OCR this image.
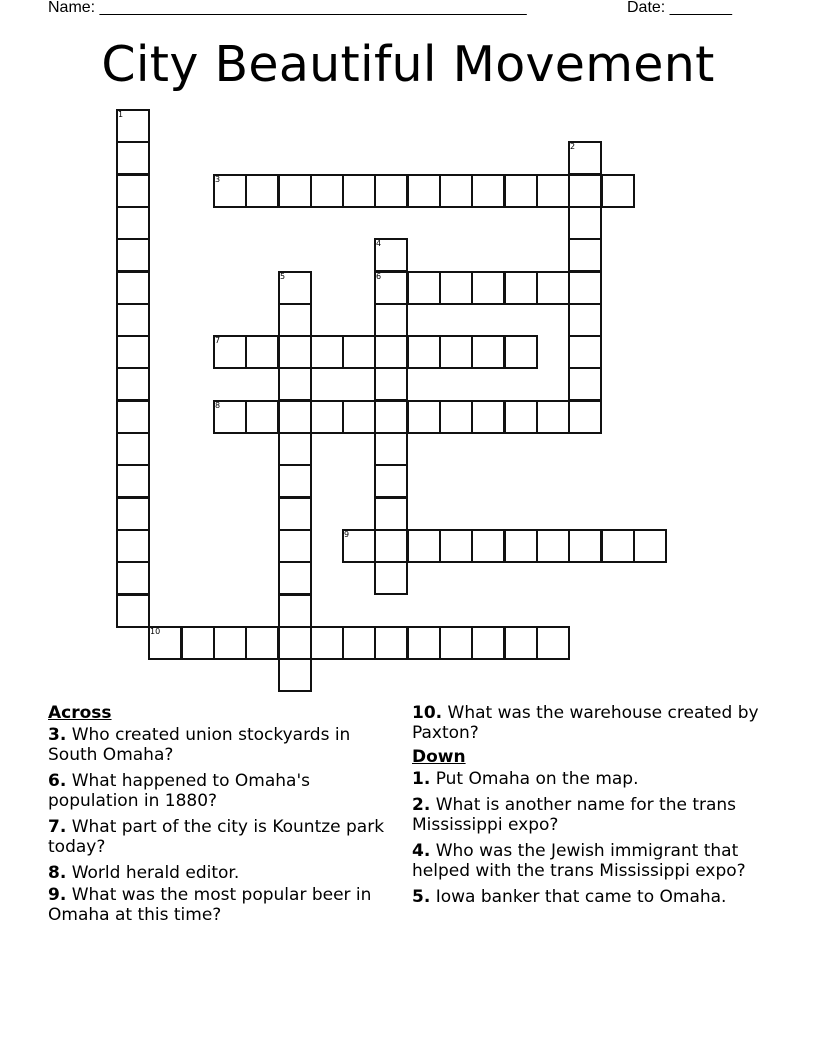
Name: ________________________________________________	Date: _______
City Beautiful Movement
1
2
3
4
6
5
7
8
9
10
Across
3. Who created union stockyards in South Omaha?
6. What happened to Omaha's population in 1880?
7. What part of the city is Kountze park today?
8. World herald editor.
9. What was the most popular beer in Omaha at this time?
10. What was the warehouse created by Paxton?
Down
1. Put Omaha on the map.
2. What is another name for the trans Mississippi expo?
4. Who was the Jewish immigrant that helped with the trans Mississippi expo?
5. Iowa banker that came to Omaha.
